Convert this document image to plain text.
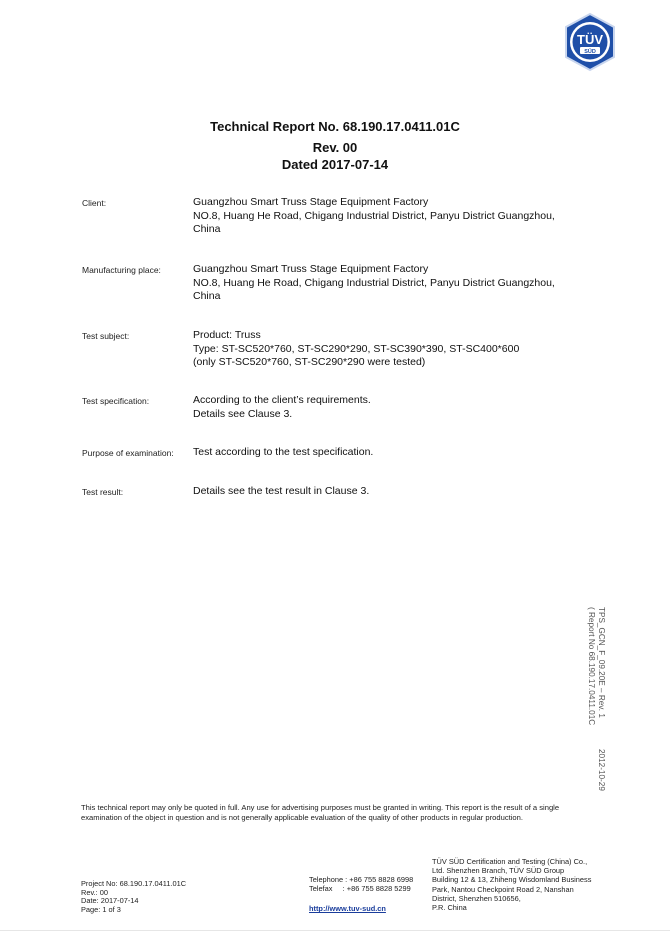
TÜV
SÜD
Technical Report No. 68.190.17.0411.01C
Rev. 00
Dated 2017-07-14
Client:	Guangzhou Smart Truss Stage Equipment Factory
NO.8, Huang He Road, Chigang Industrial District, Panyu District Guangzhou,
China
Manufacturing place:	Guangzhou Smart Truss Stage Equipment Factory
NO.8, Huang He Road, Chigang Industrial District, Panyu District Guangzhou,
China
Test subject:	Product: Truss
Type: ST-SC520*760, ST-SC290*290, ST-SC390*390, ST-SC400*600
(only ST-SC520*760, ST-SC290*290 were tested)
Test specification:	According to the client’s requirements.
Details see Clause 3.
Purpose of examination:	Test according to the test specification.
Test result:	Details see the test result in Clause 3.
TPS_GCN_F_09.20E – Rev. 1
( Report No 68.190.17.0411.01C
2012-10-29
This technical report may only be quoted in full. Any use for advertising purposes must be granted in writing. This report is the result of a single examination of the object in question and is not generally applicable evaluation of the quality of other products in regular production.
Project No: 68.190.17.0411.01C
Rev.: 00
Date: 2017-07-14
Page: 1 of 3
Telephone : +86 755 8828 6998
Telefax     : +86 755 8828 5299
http://www.tuv-sud.cn
TÜV SÜD Certification and Testing (China) Co.,
Ltd. Shenzhen Branch, TÜV SÜD Group
Building 12 & 13, Zhiheng Wisdomland Business
Park, Nantou Checkpoint Road 2, Nanshan
District, Shenzhen 510656,
P.R. China
